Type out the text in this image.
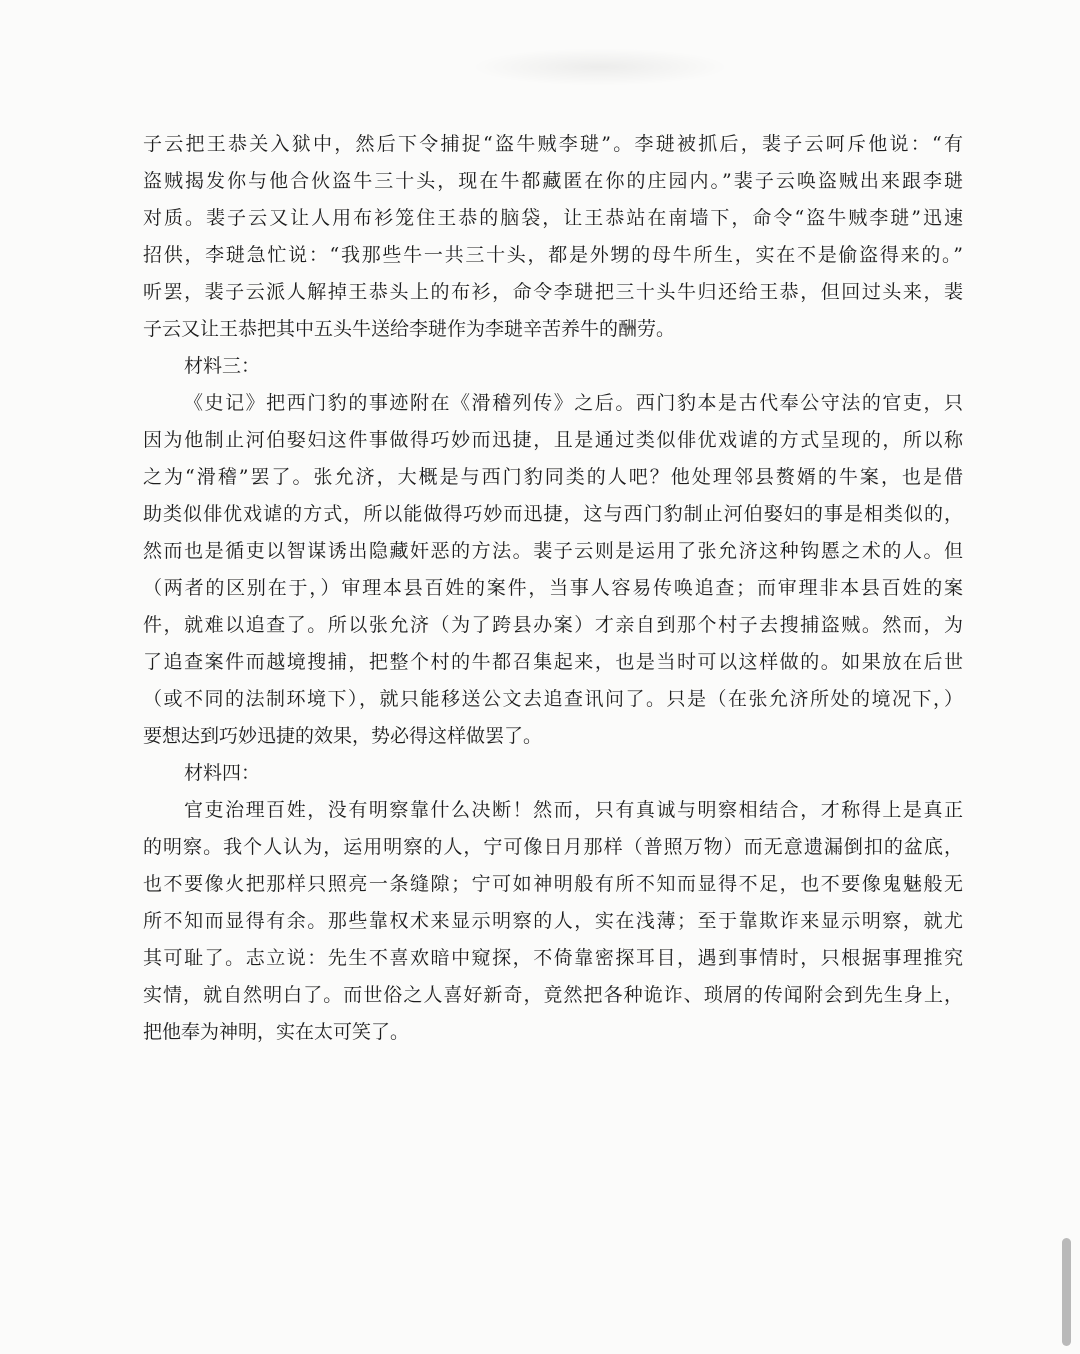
子云把王恭关入狱中，然后下令捕捉“盗牛贼李琎”。李琎被抓后，裴子云呵斥他说：“有
盗贼揭发你与他合伙盗牛三十头，现在牛都藏匿在你的庄园内。”裴子云唤盗贼出来跟李琎
对质。裴子云又让人用布衫笼住王恭的脑袋，让王恭站在南墙下，命令“盗牛贼李琎”迅速
招供，李琎急忙说：“我那些牛一共三十头，都是外甥的母牛所生，实在不是偷盗得来的。”
听罢，裴子云派人解掉王恭头上的布衫，命令李琎把三十头牛归还给王恭，但回过头来，裴
子云又让王恭把其中五头牛送给李琎作为李琎辛苦养牛的酬劳。
材料三：
《史记》把西门豹的事迹附在《滑稽列传》之后。西门豹本是古代奉公守法的官吏，只
因为他制止河伯娶妇这件事做得巧妙而迅捷，且是通过类似俳优戏谑的方式呈现的，所以称
之为“滑稽”罢了。张允济，大概是与西门豹同类的人吧？他处理邻县赘婿的牛案，也是借
助类似俳优戏谑的方式，所以能做得巧妙而迅捷，这与西门豹制止河伯娶妇的事是相类似的，
然而也是循吏以智谋诱出隐藏奸恶的方法。裴子云则是运用了张允济这种钩慝之术的人。但
（两者的区别在于，）审理本县百姓的案件，当事人容易传唤追查；而审理非本县百姓的案
件，就难以追查了。所以张允济（为了跨县办案）才亲自到那个村子去搜捕盗贼。然而，为
了追查案件而越境搜捕，把整个村的牛都召集起来，也是当时可以这样做的。如果放在后世
（或不同的法制环境下），就只能移送公文去追查讯问了。只是（在张允济所处的境况下，）
要想达到巧妙迅捷的效果，势必得这样做罢了。
材料四：
官吏治理百姓，没有明察靠什么决断！然而，只有真诚与明察相结合，才称得上是真正
的明察。我个人认为，运用明察的人，宁可像日月那样（普照万物）而无意遗漏倒扣的盆底，
也不要像火把那样只照亮一条缝隙；宁可如神明般有所不知而显得不足，也不要像鬼魅般无
所不知而显得有余。那些靠权术来显示明察的人，实在浅薄；至于靠欺诈来显示明察，就尤
其可耻了。志立说：先生不喜欢暗中窥探，不倚靠密探耳目，遇到事情时，只根据事理推究
实情，就自然明白了。而世俗之人喜好新奇，竟然把各种诡诈、琐屑的传闻附会到先生身上，
把他奉为神明，实在太可笑了。
